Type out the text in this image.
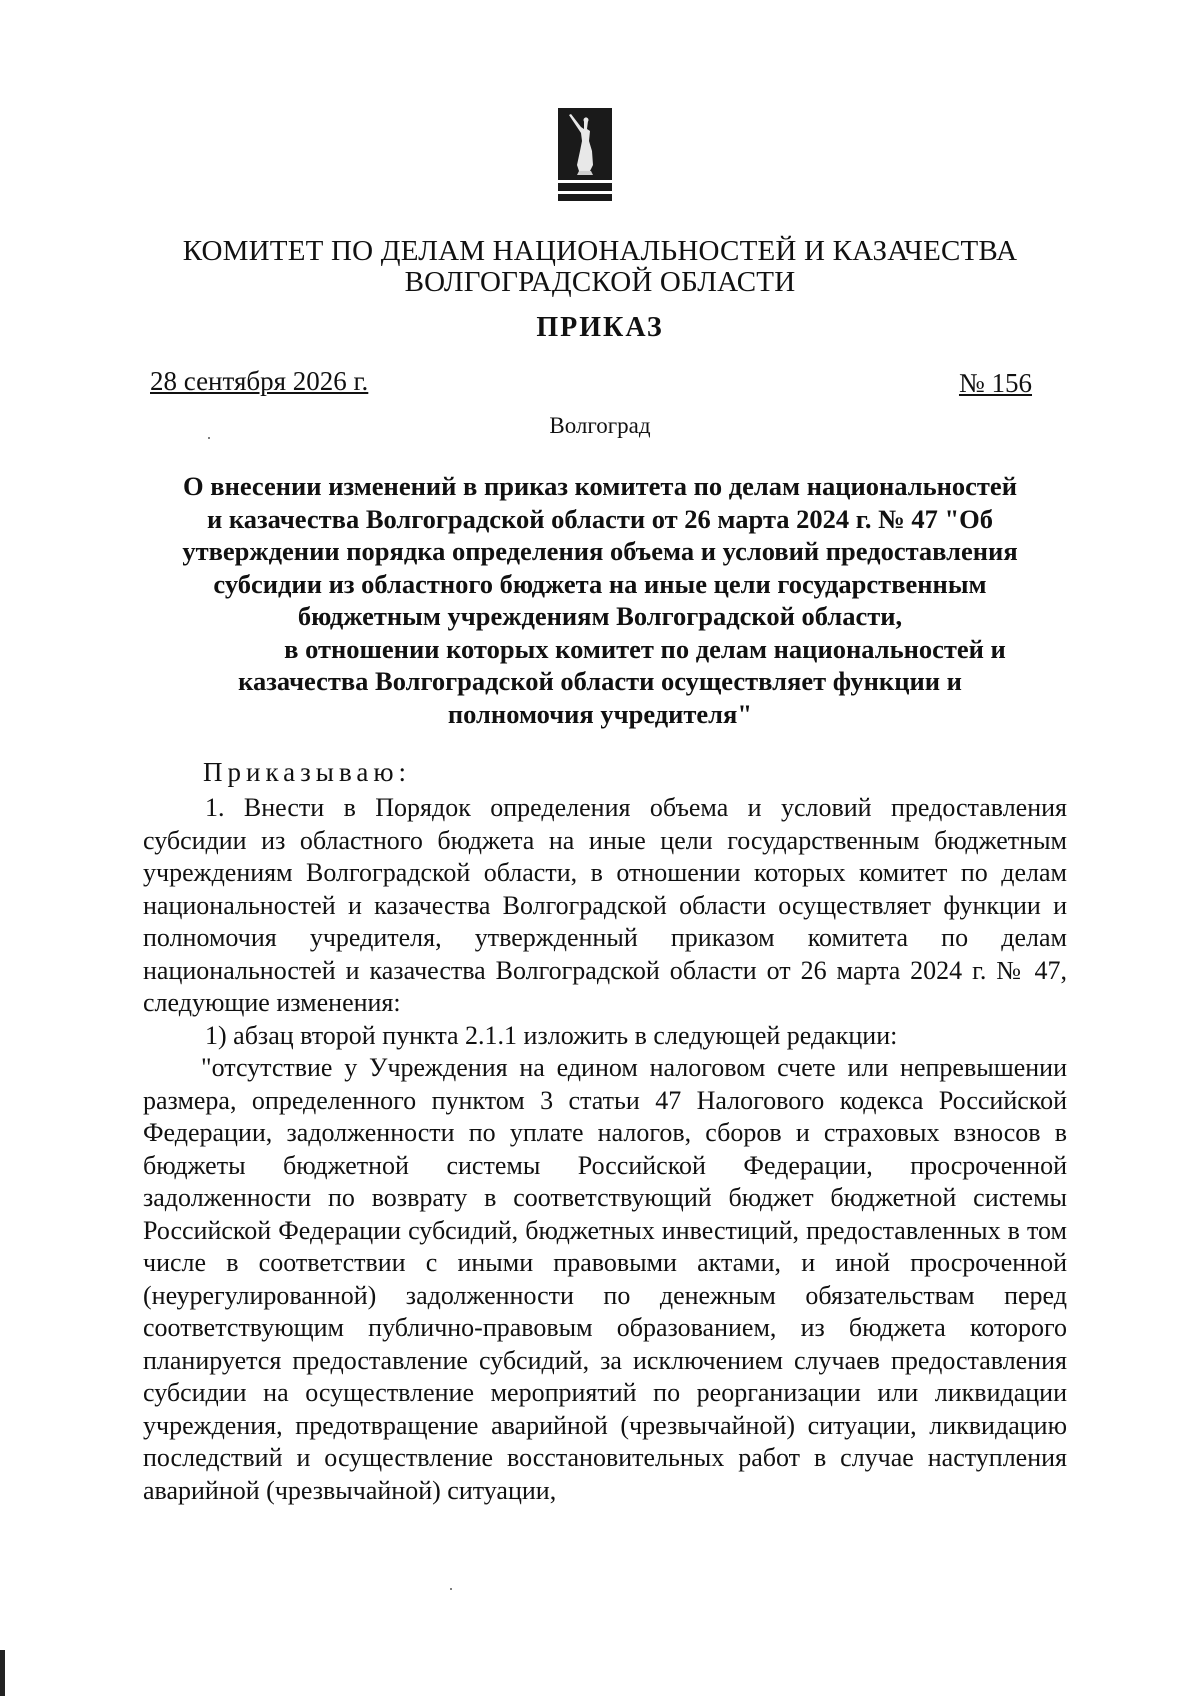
КОМИТЕТ ПО ДЕЛАМ НАЦИОНАЛЬНОСТЕЙ И КАЗАЧЕСТВА
ВОЛГОГРАДСКОЙ ОБЛАСТИ
ПРИКАЗ
28 сентября 2026 г.	№ 156
Волгоград
О внесении изменений в приказ комитета по делам национальностей
и казачества Волгоградской области от 26 марта 2024 г. № 47 "Об
утверждении порядка определения объема и условий предоставления
субсидии из областного бюджета на иные цели государственным
бюджетным учреждениям Волгоградской области,
в отношении которых комитет по делам национальностей и
казачества Волгоградской области осуществляет функции и
полномочия учредителя"
Приказываю:

1. Внести в Порядок определения объема и условий предоставления субсидии из областного бюджета на иные цели государственным бюджетным учреждениям Волгоградской области, в отношении которых комитет по делам национальностей и казачества Волгоградской области осуществляет функции и полномочия учредителя, утвержденный приказом комитета по делам национальностей и казачества Волгоградской области от 26 марта 2024 г. № 47, следующие изменения:

1) абзац второй пункта 2.1.1 изложить в следующей редакции:

"отсутствие у Учреждения на едином налоговом счете или непревышении размера, определенного пунктом 3 статьи 47 Налогового кодекса Российской Федерации, задолженности по уплате налогов, сборов и страховых взносов в бюджеты бюджетной системы Российской Федерации, просроченной задолженности по возврату в соответствующий бюджет бюджетной системы Российской Федерации субсидий, бюджетных инвестиций, предоставленных в том числе в соответствии с иными правовыми актами, и иной просроченной (неурегулированной) задолженности по денежным обязательствам перед соответствующим публично-правовым образованием, из бюджета которого планируется предоставление субсидий, за исключением случаев предоставления субсидии на осуществление мероприятий по реорганизации или ликвидации учреждения, предотвращение аварийной (чрезвычайной) ситуации, ликвидацию последствий и осуществление восстановительных работ в случае наступления аварийной (чрезвычайной) ситуации,
